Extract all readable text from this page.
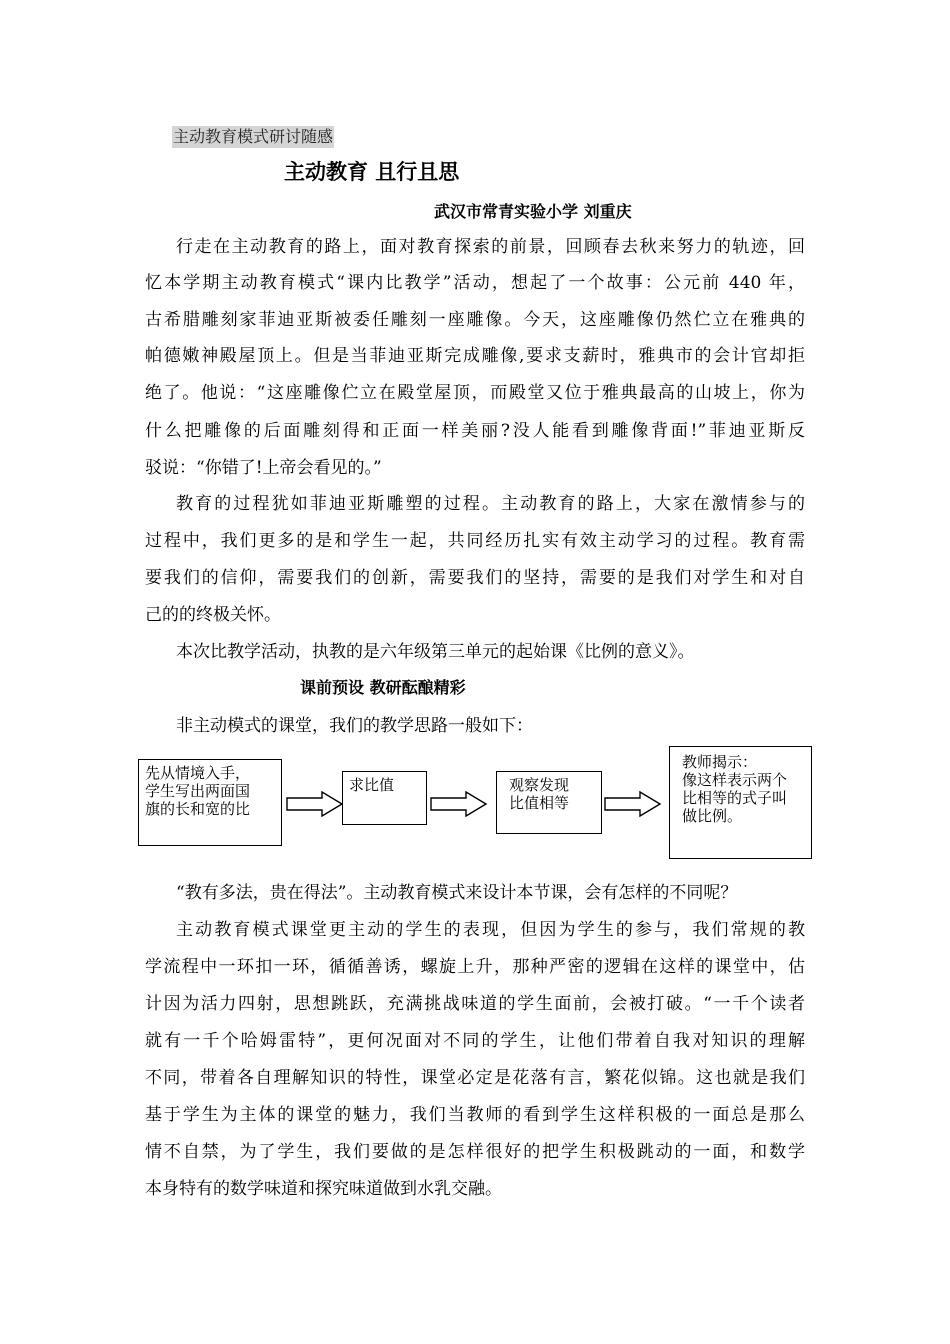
主动教育模式研讨随感
主动教育 且行且思
武汉市常青实验小学 刘重庆
行走在主动教育的路上，面对教育探索的前景，回顾春去秋来努力的轨迹，回
忆本学期主动教育模式“课内比教学”活动，想起了一个故事：公元前 440 年，
古希腊雕刻家菲迪亚斯被委任雕刻一座雕像。今天，这座雕像仍然伫立在雅典的
帕德嫩神殿屋顶上。但是当菲迪亚斯完成雕像,要求支薪时，雅典市的会计官却拒
绝了。他说：“这座雕像伫立在殿堂屋顶，而殿堂又位于雅典最高的山坡上，你为
什么把雕像的后面雕刻得和正面一样美丽?没人能看到雕像背面!”菲迪亚斯反
驳说：“你错了!上帝会看见的。”
教育的过程犹如菲迪亚斯雕塑的过程。主动教育的路上，大家在激情参与的
过程中，我们更多的是和学生一起，共同经历扎实有效主动学习的过程。教育需
要我们的信仰，需要我们的创新，需要我们的坚持，需要的是我们对学生和对自
己的的终极关怀。
本次比教学活动，执教的是六年级第三单元的起始课《比例的意义》。
课前预设 教研酝酿精彩
非主动模式的课堂，我们的教学思路一般如下：
先从情境入手，
学生写出两面国
旗的长和宽的比
求比值	观察发现
比值相等
教师揭示：
像这样表示两个
比相等的式子叫
做比例。
“教有多法，贵在得法”。主动教育模式来设计本节课，会有怎样的不同呢？
主动教育模式课堂更主动的学生的表现，但因为学生的参与，我们常规的教
学流程中一环扣一环，循循善诱，螺旋上升，那种严密的逻辑在这样的课堂中，估
计因为活力四射，思想跳跃，充满挑战味道的学生面前，会被打破。“一千个读者
就有一千个哈姆雷特”，更何况面对不同的学生，让他们带着自我对知识的理解
不同，带着各自理解知识的特性，课堂必定是花落有言，繁花似锦。这也就是我们
基于学生为主体的课堂的魅力，我们当教师的看到学生这样积极的一面总是那么
情不自禁，为了学生，我们要做的是怎样很好的把学生积极跳动的一面，和数学
本身特有的数学味道和探究味道做到水乳交融。
